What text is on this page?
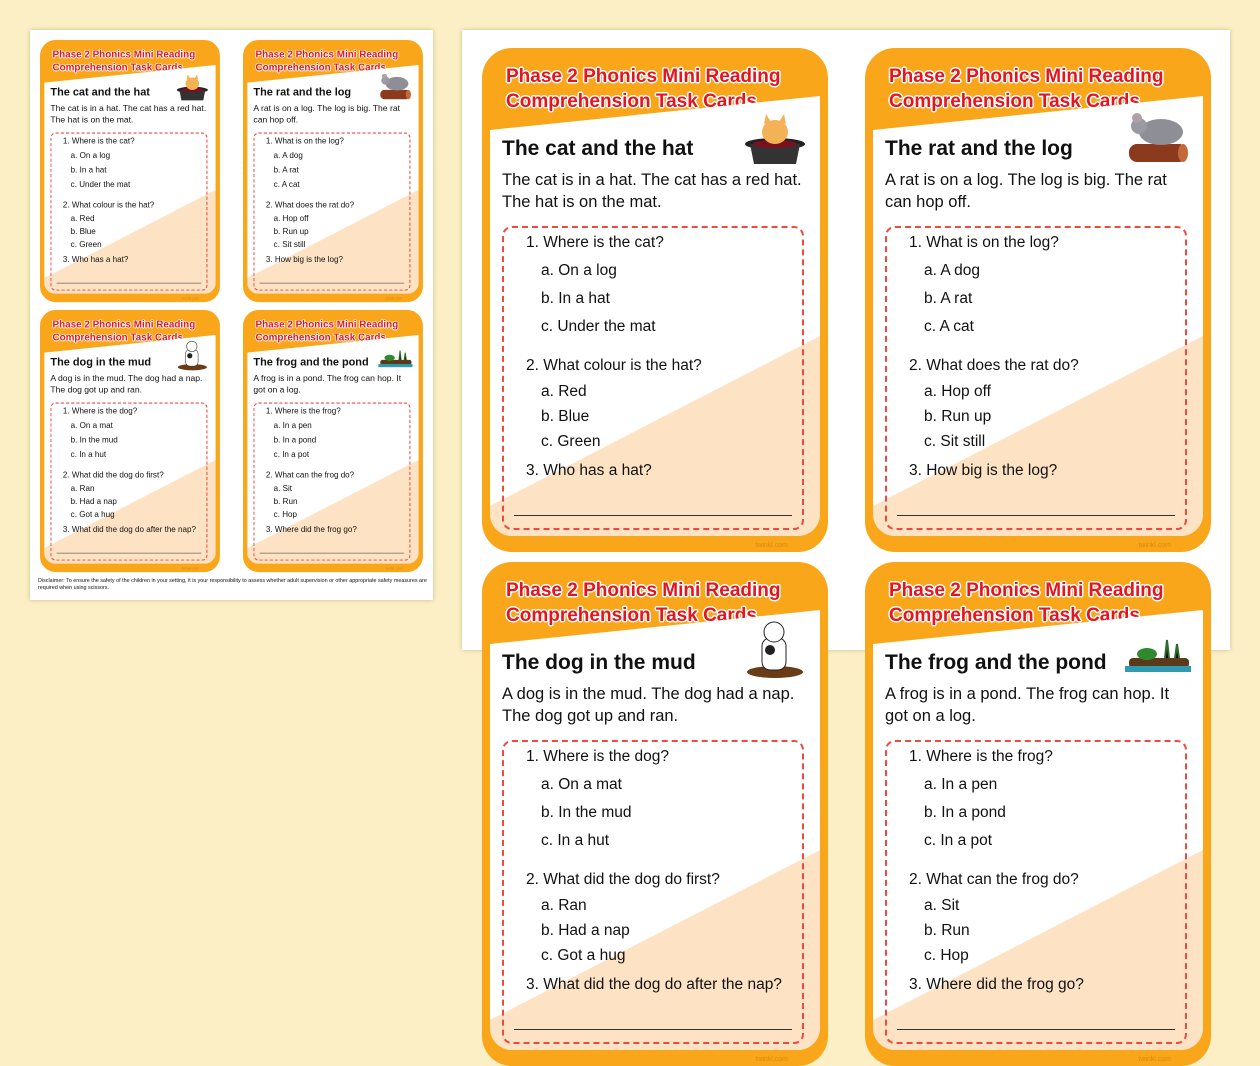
Disclaimer: To ensure the safety of the children in your setting, it is your responsibility to assess whether adult supervision or other appropriate safety measures are required when using scissors.
Phase 2 Phonics Mini Reading
Comprehension Task Cards
The cat and the hat
The cat is in a hat. The cat has a red hat. The hat is on the mat.
1. Where is the cat?
a. On a log
b. In a hat
c. Under the mat
2. What colour is the hat?
a. Red
b. Blue
c. Green
3. Who has a hat?
twinkl.com
Phase 2 Phonics Mini Reading
Comprehension Task Cards
The rat and the log
A rat is on a log. The log is big. The rat can hop off.
1. What is on the log?
a. A dog
b. A rat
c. A cat
2. What does the rat do?
a. Hop off
b. Run up
c. Sit still
3. How big is the log?
twinkl.com
Phase 2 Phonics Mini Reading
Comprehension Task Cards
The dog in the mud
A dog is in the mud. The dog had a nap. The dog got up and ran.
1. Where is the dog?
a. On a mat
b. In the mud
c. In a hut
2. What did the dog do first?
a. Ran
b. Had a nap
c. Got a hug
3. What did the dog do after the nap?
twinkl.com
Phase 2 Phonics Mini Reading
Comprehension Task Cards
The frog and the pond
A frog is in a pond. The frog can hop. It got on a log.
1. Where is the frog?
a. In a pen
b. In a pond
c. In a pot
2. What can the frog do?
a. Sit
b. Run
c. Hop
3. Where did the frog go?
twinkl.com
Phase 2 Phonics Mini Reading
Comprehension Task Cards
The cat and the hat
The cat is in a hat. The cat has a red hat. The hat is on the mat.
1. Where is the cat?
a. On a log
b. In a hat
c. Under the mat
2. What colour is the hat?
a. Red
b. Blue
c. Green
3. Who has a hat?
twinkl.com
Phase 2 Phonics Mini Reading
Comprehension Task Cards
The rat and the log
A rat is on a log. The log is big. The rat can hop off.
1. What is on the log?
a. A dog
b. A rat
c. A cat
2. What does the rat do?
a. Hop off
b. Run up
c. Sit still
3. How big is the log?
twinkl.com
Phase 2 Phonics Mini Reading
Comprehension Task Cards
The dog in the mud
A dog is in the mud. The dog had a nap. The dog got up and ran.
1. Where is the dog?
a. On a mat
b. In the mud
c. In a hut
2. What did the dog do first?
a. Ran
b. Had a nap
c. Got a hug
3. What did the dog do after the nap?
twinkl.com
Phase 2 Phonics Mini Reading
Comprehension Task Cards
The frog and the pond
A frog is in a pond. The frog can hop. It got on a log.
1. Where is the frog?
a. In a pen
b. In a pond
c. In a pot
2. What can the frog do?
a. Sit
b. Run
c. Hop
3. Where did the frog go?
twinkl.com
